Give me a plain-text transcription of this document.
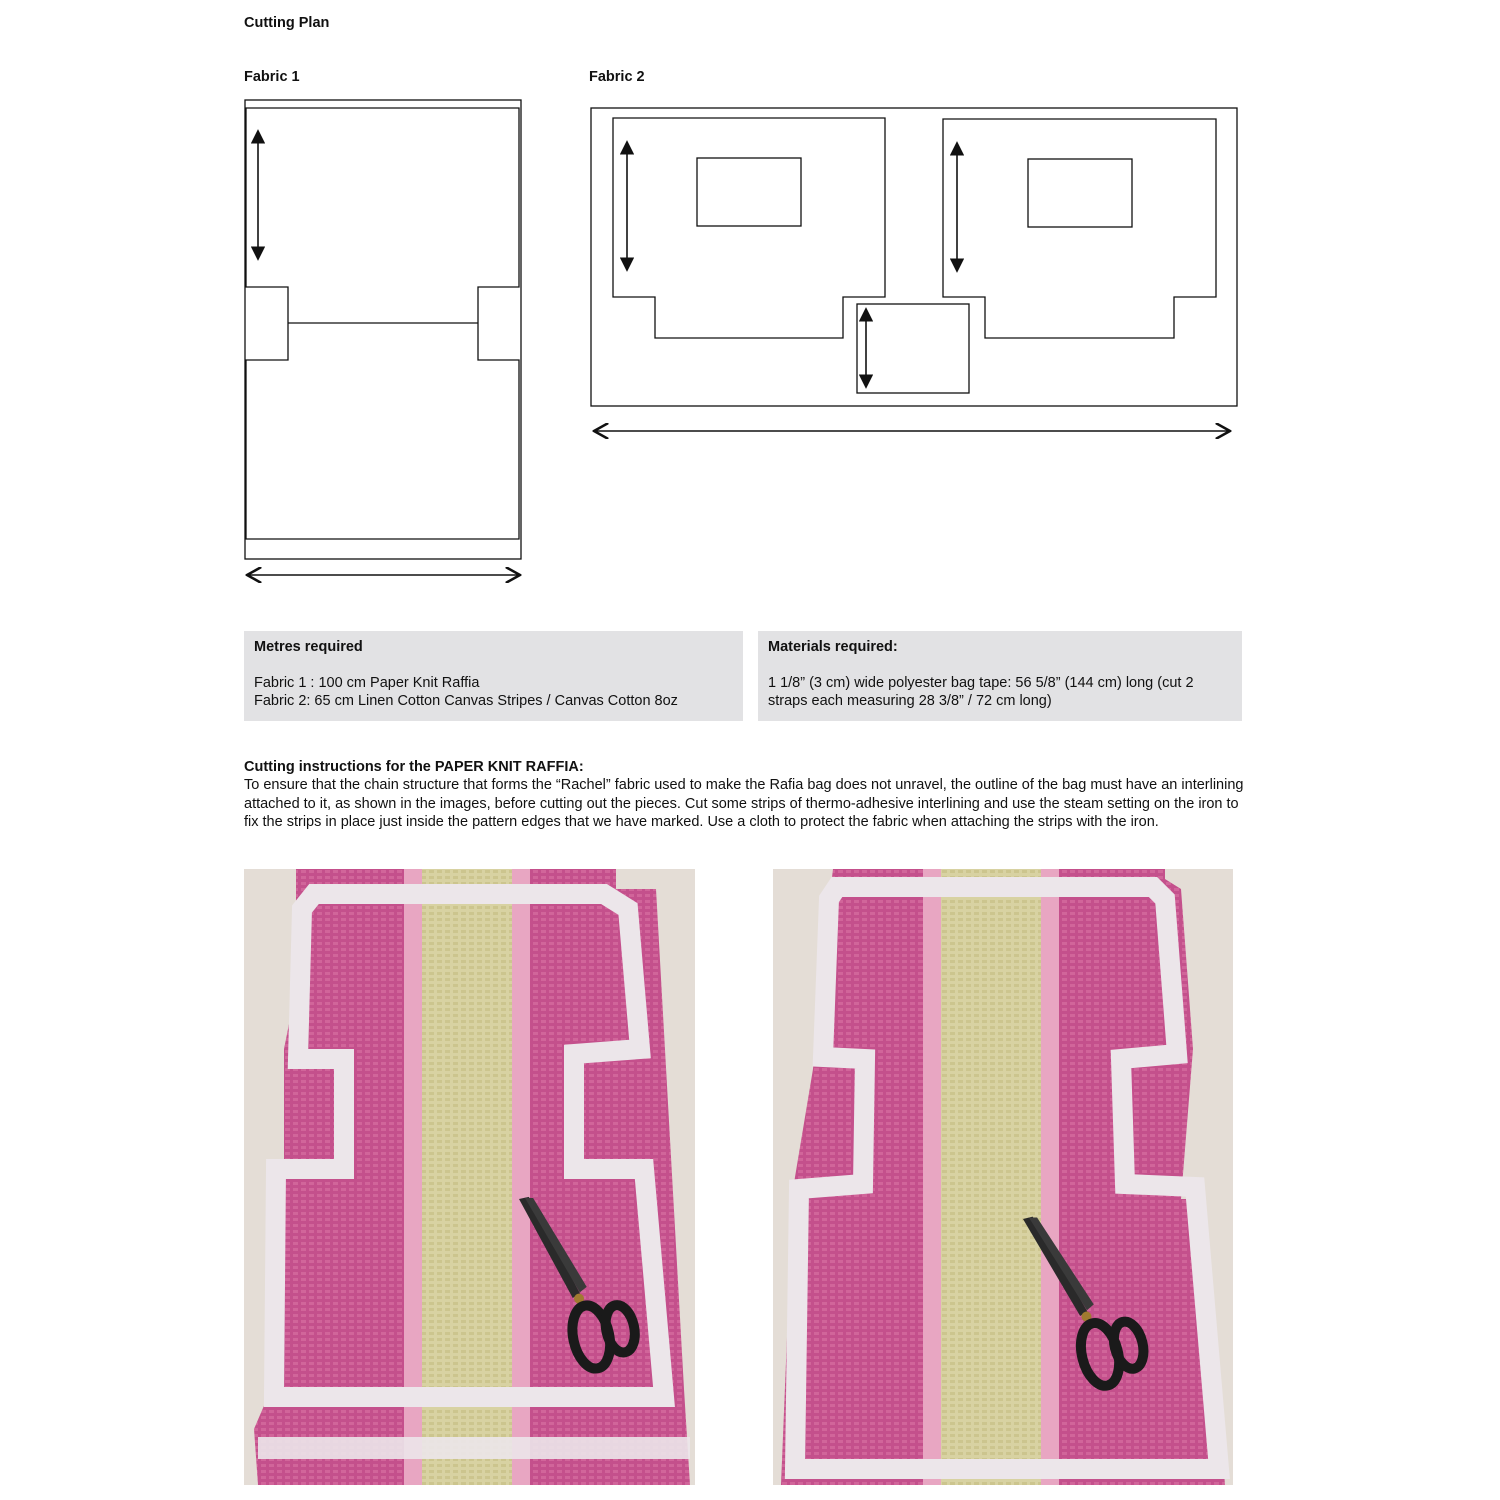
Cutting Plan
Fabric 1	Fabric 2
Metres required
Fabric 1 : 100 cm Paper Knit Raffia
Fabric 2: 65 cm Linen Cotton Canvas Stripes / Canvas Cotton 8oz
Materials required:
1 1/8” (3 cm) wide polyester bag tape: 56 5/8” (144 cm) long (cut 2 straps each measuring 28 3/8” / 72 cm long)
Cutting instructions for the PAPER KNIT RAFFIA:
To ensure that the chain structure that forms the “Rachel” fabric used to make the Rafia bag does not unravel, the outline of the bag must have an interlining attached to it, as shown in the images, before cutting out the pieces. Cut some strips of thermo-adhesive interlining and use the steam setting on the iron to fix the strips in place just inside the pattern edges that we have marked. Use a cloth to protect the fabric when attaching the strips with the iron.
